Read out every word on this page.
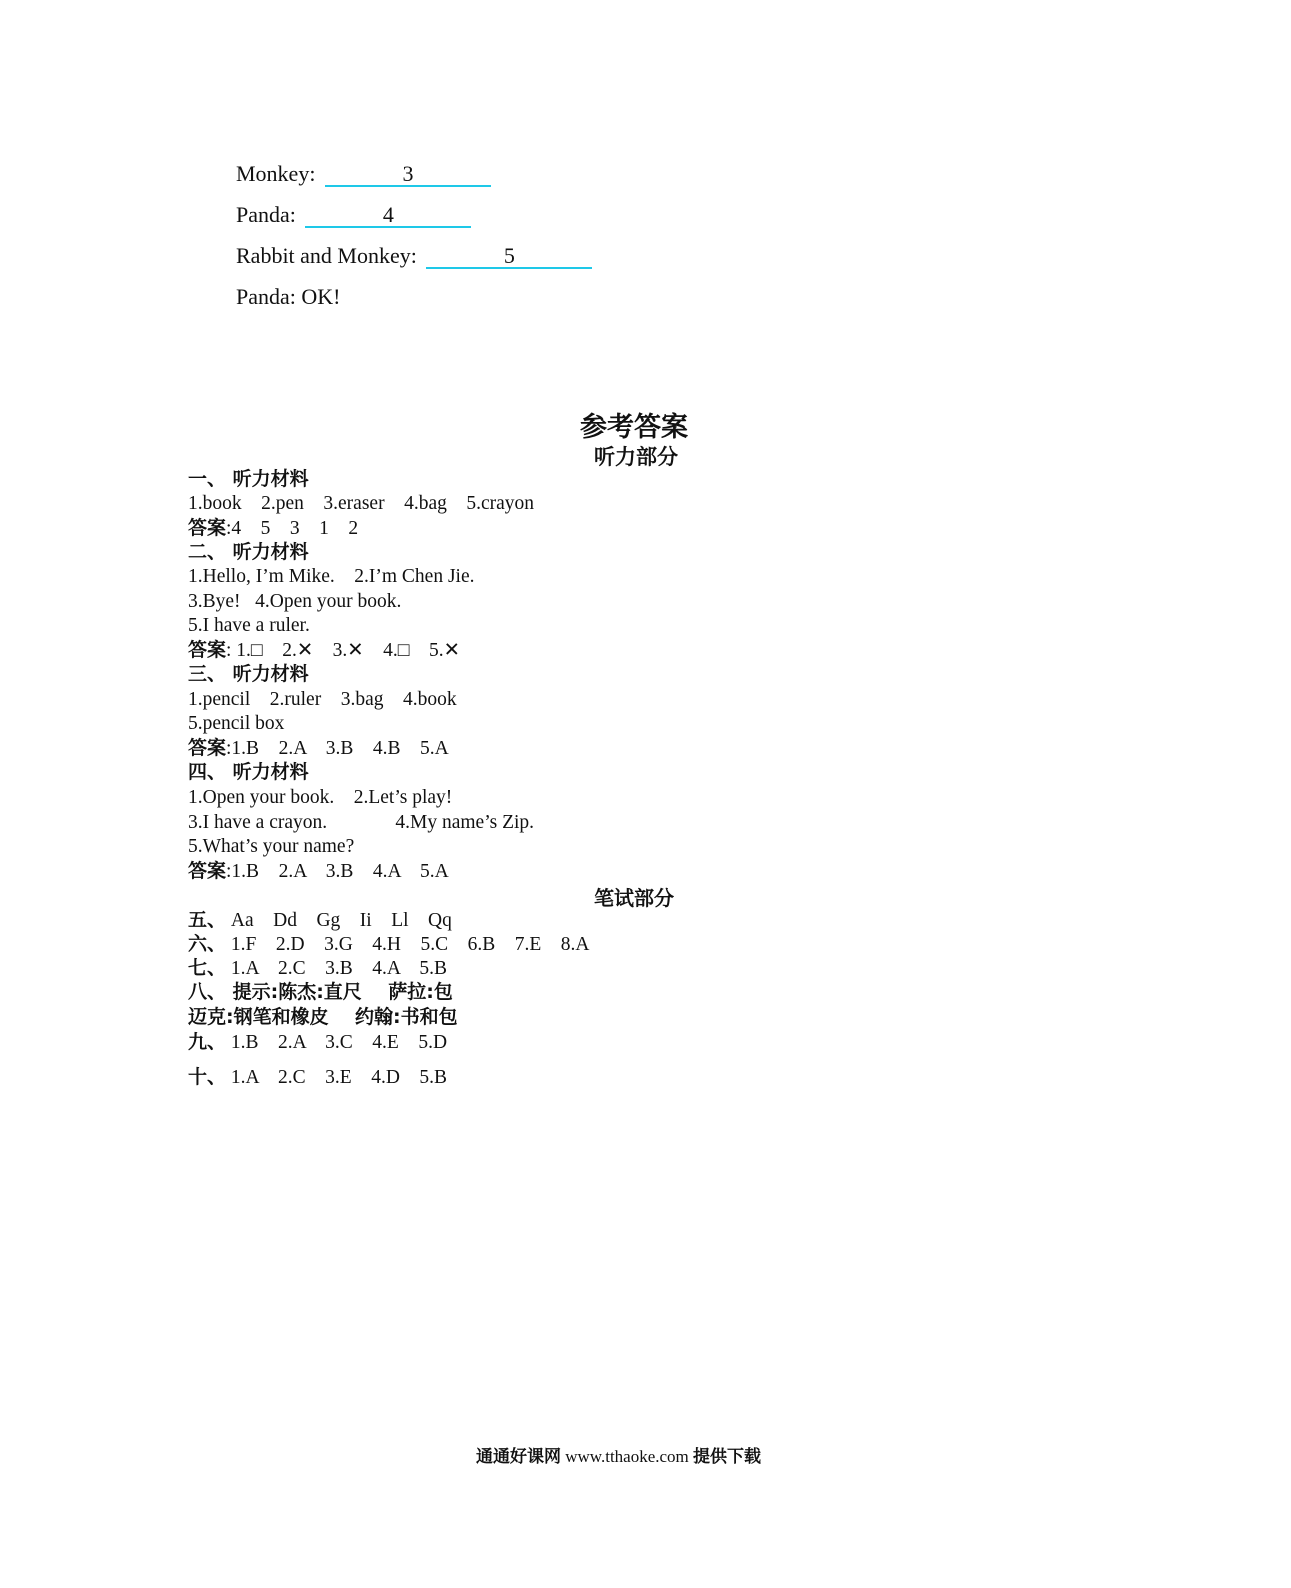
Monkey:	3
Panda:	4
Rabbit and Monkey:	5
Panda: OK!
参考答案
听力部分
一、 听力材料
1.book    2.pen    3.eraser    4.bag    5.crayon
答案:4    5    3    1    2
二、 听力材料
1.Hello, I’m Mike.    2.I’m Chen Jie.
3.Bye!   4.Open your book.
5.I have a ruler.
答案: 1.□    2.✕    3.✕    4.□    5.✕
三、 听力材料
1.pencil    2.ruler    3.bag    4.book
5.pencil box
答案:1.B    2.A    3.B    4.B    5.A
四、 听力材料
1.Open your book.    2.Let’s play!
3.I have a crayon.              4.My name’s Zip.
5.What’s your name?
答案:1.B    2.A    3.B    4.A    5.A
笔试部分
五、 Aa    Dd    Gg    Ii    Ll    Qq
六、 1.F    2.D    3.G    4.H    5.C    6.B    7.E    8.A
七、 1.A    2.C    3.B    4.A    5.B
八、 提示:陈杰:直尺    萨拉:包
迈克:钢笔和橡皮    约翰:书和包
九、 1.B    2.A    3.C    4.E    5.D
十、 1.A    2.C    3.E    4.D    5.B
通通好课网 www.tthaoke.com 提供下载
